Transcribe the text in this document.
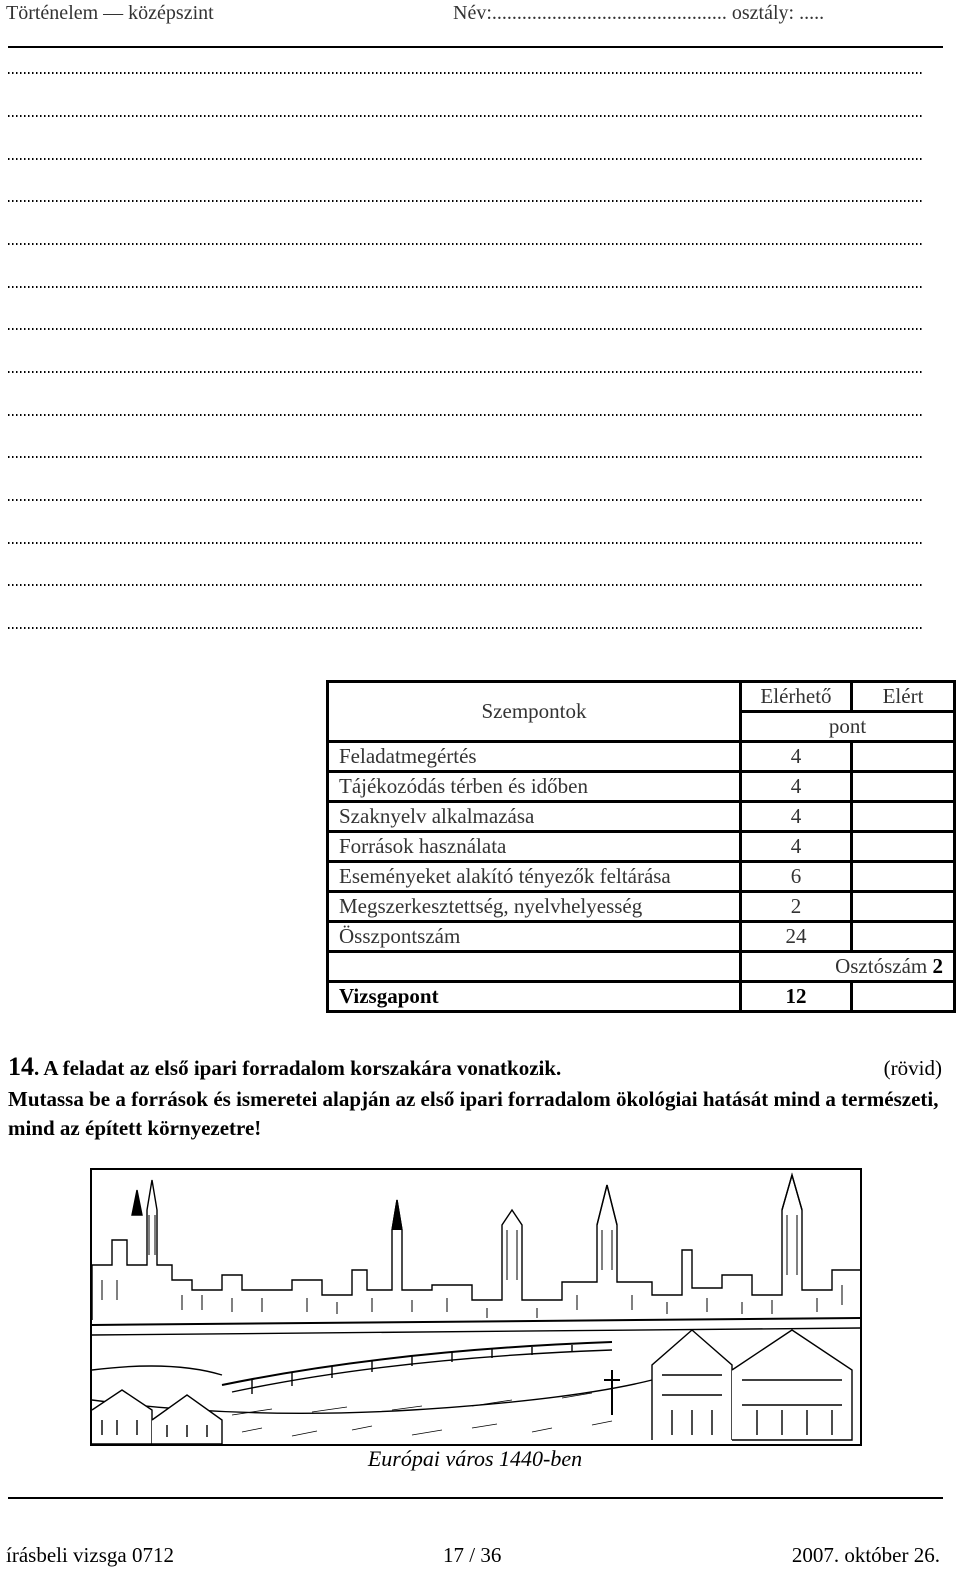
Történelem — középszint	Név:............................................... osztály: .....
Szempontok	Elérhető	Elért
	pont	
Feladatmegértés	4	
Tájékozódás térben és időben	4	
Szaknyelv alkalmazása	4	
Források használata	4	
Eseményeket alakító tényezők feltárása	6	
Megszerkesztettség, nyelvhelyesség	2	
Összpontszám	24	
	Osztószám 2	
Vizsgapont	12	
14. A feladat az első ipari forradalom korszakára vonatkozik.	(rövid)
Mutassa be a források és ismeretei alapján az első ipari forradalom ökológiai hatását mind a természeti, mind az épített környezetre!
Európai város 1440-ben
írásbeli vizsga 0712	17 / 36	2007. október 26.
